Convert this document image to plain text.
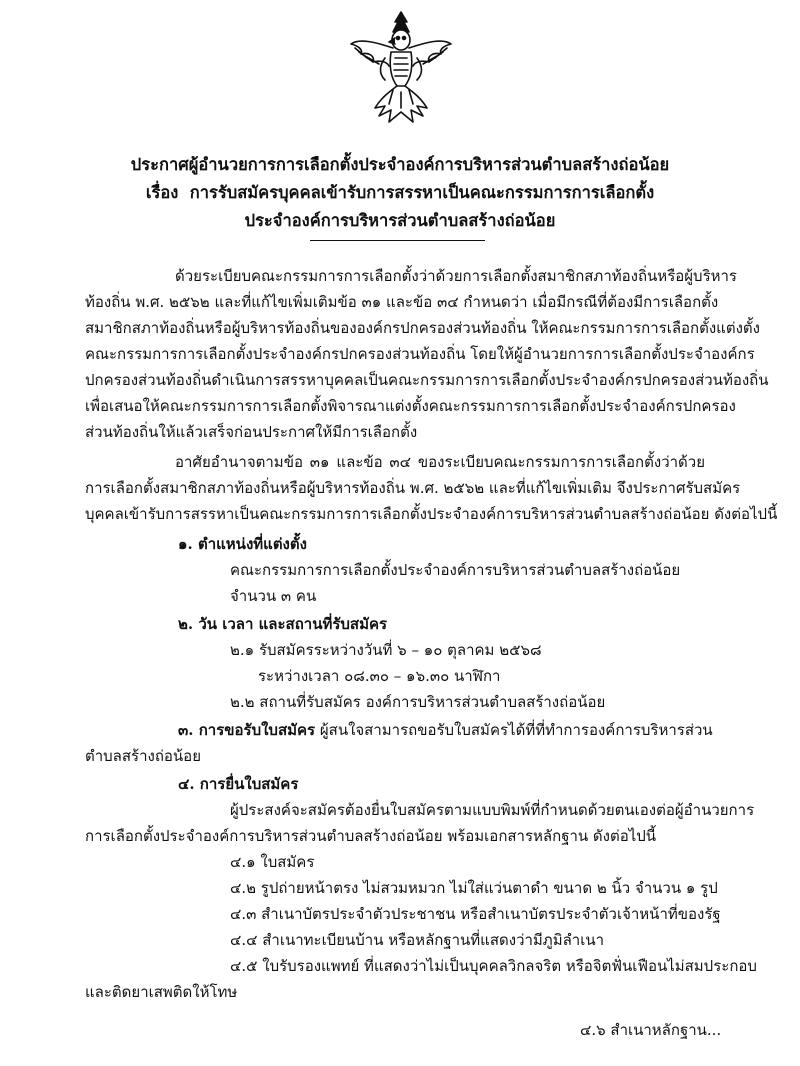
ประกาศผู้อำนวยการการเลือกตั้งประจำองค์การบริหารส่วนตำบลสร้างถ่อน้อย
เรื่อง การรับสมัครบุคคลเข้ารับการสรรหาเป็นคณะกรรมการการเลือกตั้ง
ประจำองค์การบริหารส่วนตำบลสร้างถ่อน้อย
ด้วยระเบียบคณะกรรมการการเลือกตั้งว่าด้วยการเลือกตั้งสมาชิกสภาท้องถิ่นหรือผู้บริหาร
ท้องถิ่น พ.ศ. ๒๕๖๒ และที่แก้ไขเพิ่มเติมข้อ ๓๑ และข้อ ๓๔ กำหนดว่า เมื่อมีกรณีที่ต้องมีการเลือกตั้ง
สมาชิกสภาท้องถิ่นหรือผู้บริหารท้องถิ่นขององค์กรปกครองส่วนท้องถิ่น ให้คณะกรรมการการเลือกตั้งแต่งตั้ง
คณะกรรมการการเลือกตั้งประจำองค์กรปกครองส่วนท้องถิ่น โดยให้ผู้อำนวยการการเลือกตั้งประจำองค์กร
ปกครองส่วนท้องถิ่นดำเนินการสรรหาบุคคลเป็นคณะกรรมการการเลือกตั้งประจำองค์กรปกครองส่วนท้องถิ่น
เพื่อเสนอให้คณะกรรมการการเลือกตั้งพิจารณาแต่งตั้งคณะกรรมการการเลือกตั้งประจำองค์กรปกครอง
ส่วนท้องถิ่นให้แล้วเสร็จก่อนประกาศให้มีการเลือกตั้ง
อาศัยอำนาจตามข้อ ๓๑ และข้อ ๓๔ ของระเบียบคณะกรรมการการเลือกตั้งว่าด้วย
การเลือกตั้งสมาชิกสภาท้องถิ่นหรือผู้บริหารท้องถิ่น พ.ศ. ๒๕๖๒ และที่แก้ไขเพิ่มเติม จึงประกาศรับสมัคร
บุคคลเข้ารับการสรรหาเป็นคณะกรรมการการเลือกตั้งประจำองค์การบริหารส่วนตำบลสร้างถ่อน้อย ดังต่อไปนี้
๑. ตำแหน่งที่แต่งตั้ง
คณะกรรมการการเลือกตั้งประจำองค์การบริหารส่วนตำบลสร้างถ่อน้อย
จำนวน ๓ คน
๒. วัน เวลา และสถานที่รับสมัคร
๒.๑ รับสมัครระหว่างวันที่ ๖ – ๑๐ ตุลาคม ๒๕๖๘
ระหว่างเวลา ๐๘.๓๐ – ๑๖.๓๐ นาฬิกา
๒.๒ สถานที่รับสมัคร องค์การบริหารส่วนตำบลสร้างถ่อน้อย
๓. การขอรับใบสมัคร ผู้สนใจสามารถขอรับใบสมัครได้ที่ที่ทำการองค์การบริหารส่วน
ตำบลสร้างถ่อน้อย
๔. การยื่นใบสมัคร
ผู้ประสงค์จะสมัครต้องยื่นใบสมัครตามแบบพิมพ์ที่กำหนดด้วยตนเองต่อผู้อำนวยการ
การเลือกตั้งประจำองค์การบริหารส่วนตำบลสร้างถ่อน้อย พร้อมเอกสารหลักฐาน ดังต่อไปนี้
๔.๑ ใบสมัคร
๔.๒ รูปถ่ายหน้าตรง ไม่สวมหมวก ไม่ใส่แว่นตาดำ ขนาด ๒ นิ้ว จำนวน ๑ รูป
๔.๓ สำเนาบัตรประจำตัวประชาชน หรือสำเนาบัตรประจำตัวเจ้าหน้าที่ของรัฐ
๔.๔ สำเนาทะเบียนบ้าน หรือหลักฐานที่แสดงว่ามีภูมิลำเนา
๔.๕ ใบรับรองแพทย์ ที่แสดงว่าไม่เป็นบุคคลวิกลจริต หรือจิตฟั่นเฟือนไม่สมประกอบ
และติดยาเสพติดให้โทษ
๔.๖ สำเนาหลักฐาน...
